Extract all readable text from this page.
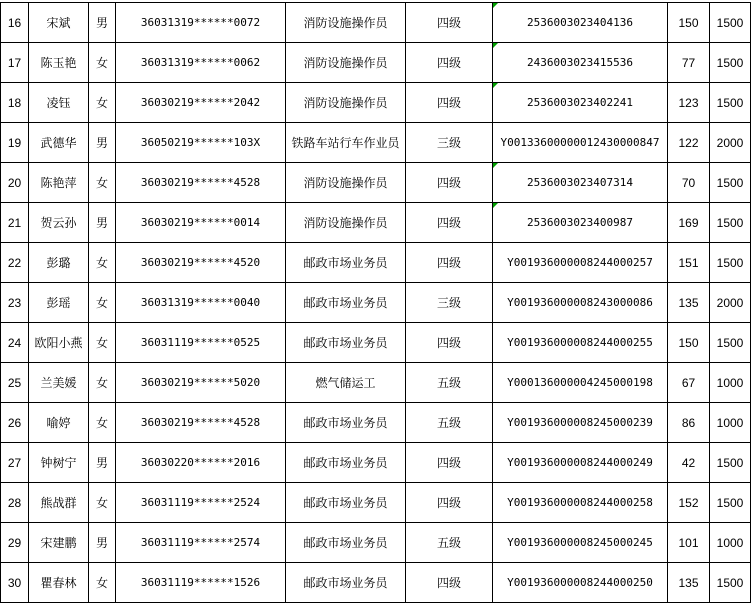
16	宋斌	男	36031319******0072	消防设施操作员	四级	2536003023404136	150	1500
17	陈玉艳	女	36031319******0062	消防设施操作员	四级	2436003023415536	77	1500
18	凌钰	女	36030219******2042	消防设施操作员	四级	2536003023402241	123	1500
19	武德华	男	36050219******103X	铁路车站行车作业员	三级	Y00133600000012430000847	122	2000
20	陈艳萍	女	36030219******4528	消防设施操作员	四级	2536003023407314	70	1500
21	贺云孙	男	36030219******0014	消防设施操作员	四级	2536003023400987	169	1500
22	彭璐	女	36030219******4520	邮政市场业务员	四级	Y001936000008244000257	151	1500
23	彭瑶	女	36031319******0040	邮政市场业务员	三级	Y001936000008243000086	135	2000
24	欧阳小燕	女	36031119******0525	邮政市场业务员	四级	Y001936000008244000255	150	1500
25	兰美媛	女	36030219******5020	燃气储运工	五级	Y000136000004245000198	67	1000
26	喻婷	女	36030219******4528	邮政市场业务员	五级	Y001936000008245000239	86	1000
27	钟树宁	男	36030220******2016	邮政市场业务员	四级	Y001936000008244000249	42	1500
28	熊战群	女	36031119******2524	邮政市场业务员	四级	Y001936000008244000258	152	1500
29	宋建鹏	男	36031119******2574	邮政市场业务员	五级	Y001936000008245000245	101	1000
30	瞿春林	女	36031119******1526	邮政市场业务员	四级	Y001936000008244000250	135	1500
